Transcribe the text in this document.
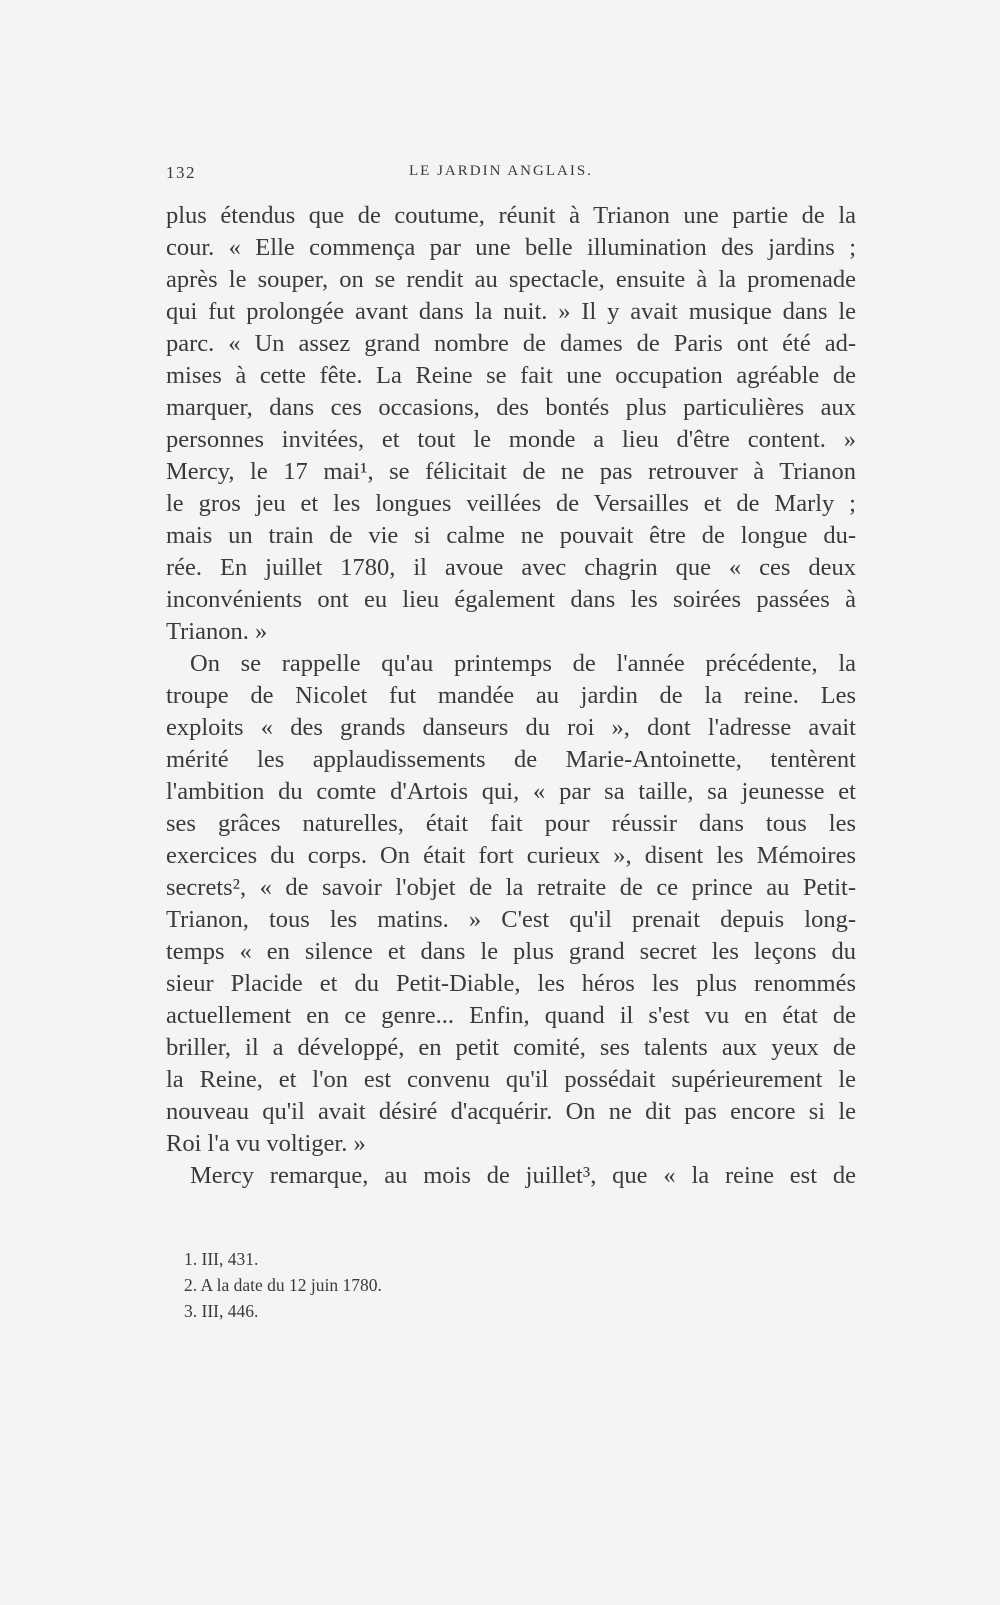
132	LE JARDIN ANGLAIS.
plus étendus que de coutume, réunit à Trianon une partie de la
cour. « Elle commença par une belle illumination des jardins ;
après le souper, on se rendit au spectacle, ensuite à la promenade
qui fut prolongée avant dans la nuit. » Il y avait musique dans le
parc. « Un assez grand nombre de dames de Paris ont été ad-
mises à cette fête. La Reine se fait une occupation agréable de
marquer, dans ces occasions, des bontés plus particulières aux
personnes invitées, et tout le monde a lieu d'être content. »
Mercy, le 17 mai¹, se félicitait de ne pas retrouver à Trianon
le gros jeu et les longues veillées de Versailles et de Marly ;
mais un train de vie si calme ne pouvait être de longue du-
rée. En juillet 1780, il avoue avec chagrin que « ces deux
inconvénients ont eu lieu également dans les soirées passées à
Trianon. »
On se rappelle qu'au printemps de l'année précédente, la
troupe de Nicolet fut mandée au jardin de la reine. Les
exploits « des grands danseurs du roi », dont l'adresse avait
mérité les applaudissements de Marie-Antoinette, tentèrent
l'ambition du comte d'Artois qui, « par sa taille, sa jeunesse et
ses grâces naturelles, était fait pour réussir dans tous les
exercices du corps. On était fort curieux », disent les Mémoires
secrets², « de savoir l'objet de la retraite de ce prince au Petit-
Trianon, tous les matins. » C'est qu'il prenait depuis long-
temps « en silence et dans le plus grand secret les leçons du
sieur Placide et du Petit-Diable, les héros les plus renommés
actuellement en ce genre... Enfin, quand il s'est vu en état de
briller, il a développé, en petit comité, ses talents aux yeux de
la Reine, et l'on est convenu qu'il possédait supérieurement le
nouveau qu'il avait désiré d'acquérir. On ne dit pas encore si le
Roi l'a vu voltiger. »
Mercy remarque, au mois de juillet³, que « la reine est de
1. III, 431.
2. A la date du 12 juin 1780.
3. III, 446.
